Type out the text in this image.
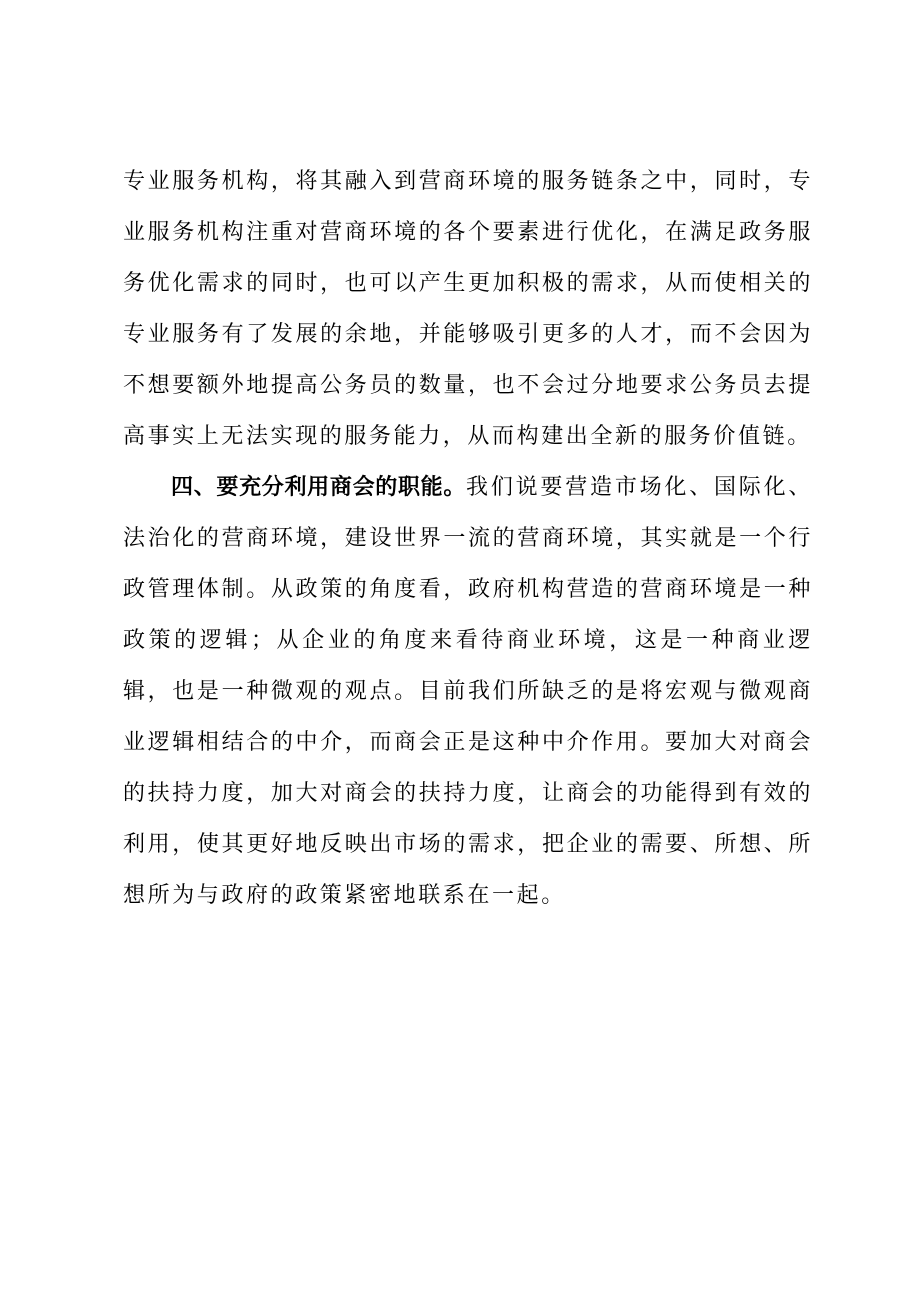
专业服务机构，将其融入到营商环境的服务链条之中，同时，专业服务机构注重对营商环境的各个要素进行优化，在满足政务服务优化需求的同时，也可以产生更加积极的需求，从而使相关的专业服务有了发展的余地，并能够吸引更多的人才，而不会因为不想要额外地提高公务员的数量，也不会过分地要求公务员去提高事实上无法实现的服务能力，从而构建出全新的服务价值链。

四、要充分利用商会的职能。我们说要营造市场化、国际化、法治化的营商环境，建设世界一流的营商环境，其实就是一个行政管理体制。从政策的角度看，政府机构营造的营商环境是一种政策的逻辑；从企业的角度来看待商业环境，这是一种商业逻辑，也是一种微观的观点。目前我们所缺乏的是将宏观与微观商业逻辑相结合的中介，而商会正是这种中介作用。要加大对商会的扶持力度，加大对商会的扶持力度，让商会的功能得到有效的利用，使其更好地反映出市场的需求，把企业的需要、所想、所想所为与政府的政策紧密地联系在一起。
